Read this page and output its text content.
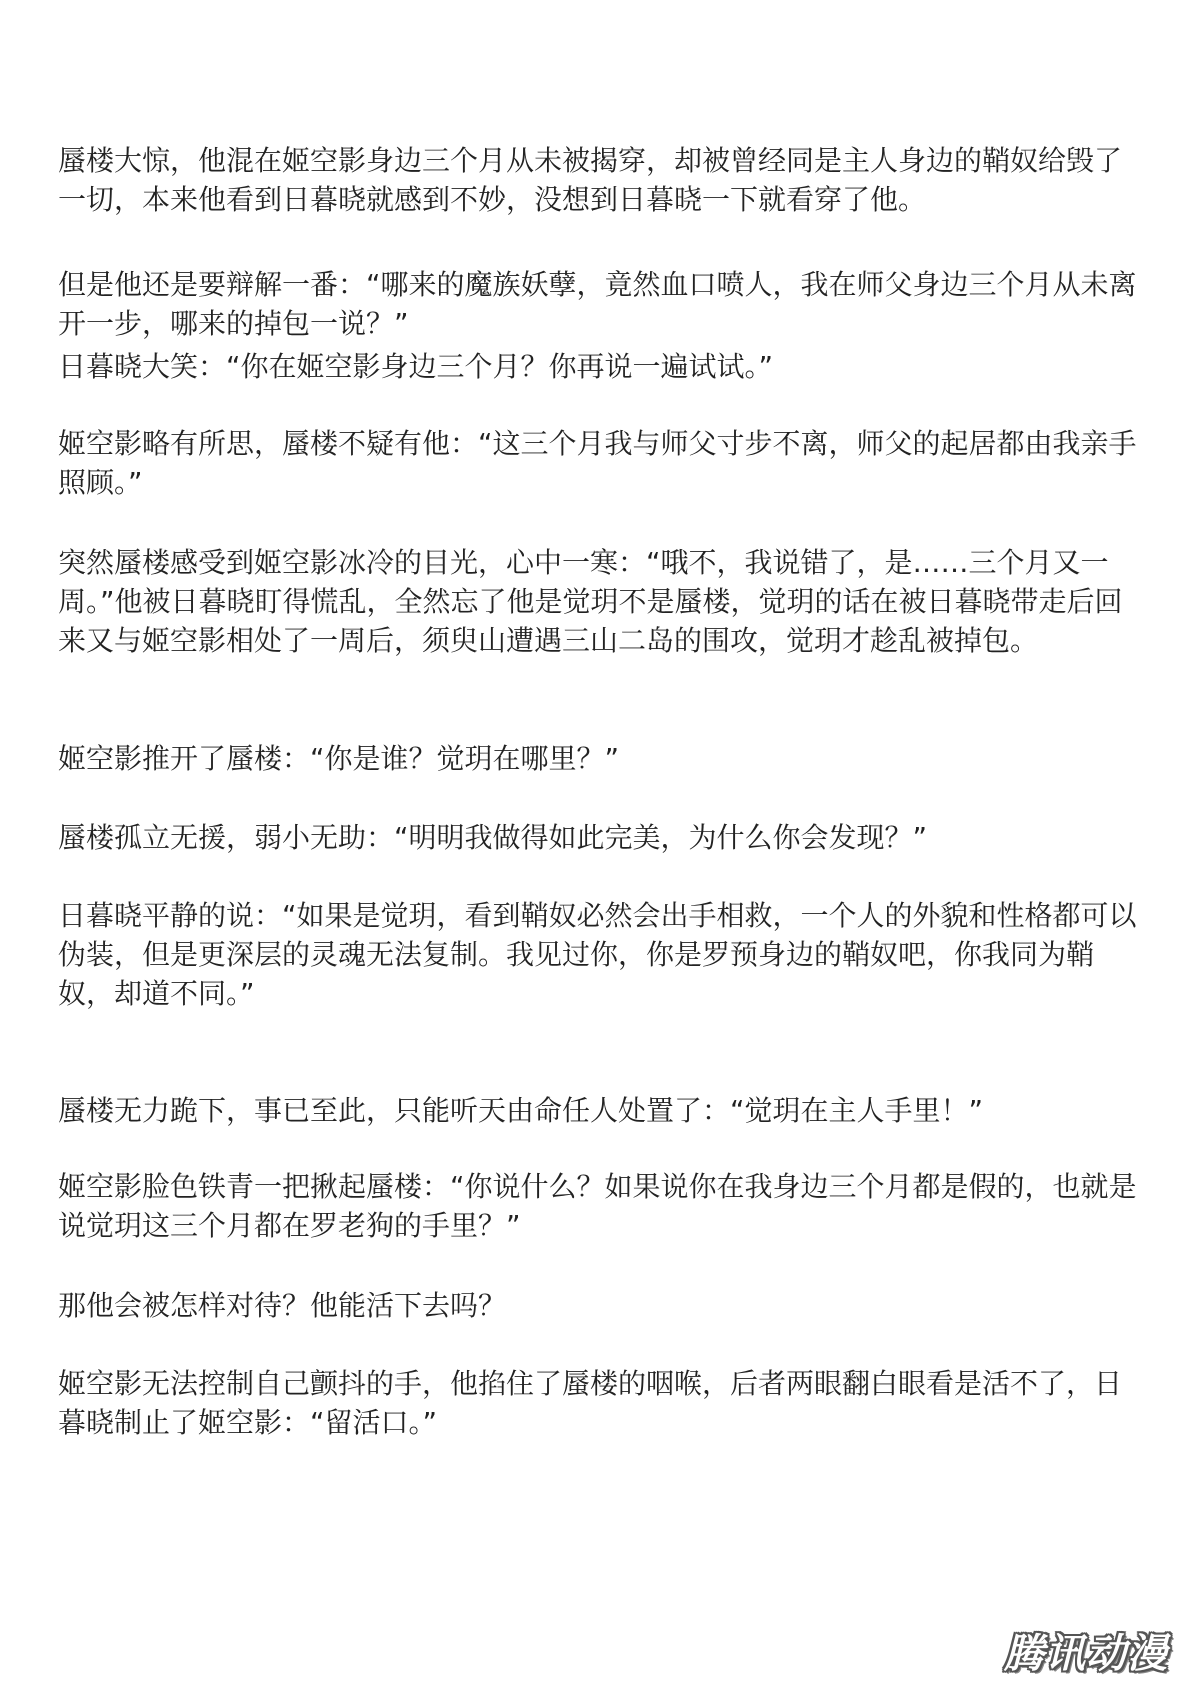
蜃楼大惊，他混在姬空影身边三个月从未被揭穿，却被曾经同是主人身边的鞘奴给毁了一切，本来他看到日暮晓就感到不妙，没想到日暮晓一下就看穿了他。

但是他还是要辩解一番：“哪来的魔族妖孽，竟然血口喷人，我在师父身边三个月从未离开一步，哪来的掉包一说？”

日暮晓大笑：“你在姬空影身边三个月？你再说一遍试试。”

姬空影略有所思，蜃楼不疑有他：“这三个月我与师父寸步不离，师父的起居都由我亲手照顾。”

突然蜃楼感受到姬空影冰冷的目光，心中一寒：“哦不，我说错了，是……三个月又一周。”他被日暮晓盯得慌乱，全然忘了他是觉玥不是蜃楼，觉玥的话在被日暮晓带走后回来又与姬空影相处了一周后，须臾山遭遇三山二岛的围攻，觉玥才趁乱被掉包。

姬空影推开了蜃楼：“你是谁？觉玥在哪里？”

蜃楼孤立无援，弱小无助：“明明我做得如此完美，为什么你会发现？”

日暮晓平静的说：“如果是觉玥，看到鞘奴必然会出手相救，一个人的外貌和性格都可以伪装，但是更深层的灵魂无法复制。我见过你，你是罗预身边的鞘奴吧，你我同为鞘奴，却道不同。”

蜃楼无力跪下，事已至此，只能听天由命任人处置了：“觉玥在主人手里！”

姬空影脸色铁青一把揪起蜃楼：“你说什么？如果说你在我身边三个月都是假的，也就是说觉玥这三个月都在罗老狗的手里？”

那他会被怎样对待？他能活下去吗？

姬空影无法控制自己颤抖的手，他掐住了蜃楼的咽喉，后者两眼翻白眼看是活不了，日暮晓制止了姬空影：“留活口。”

腾讯动漫
